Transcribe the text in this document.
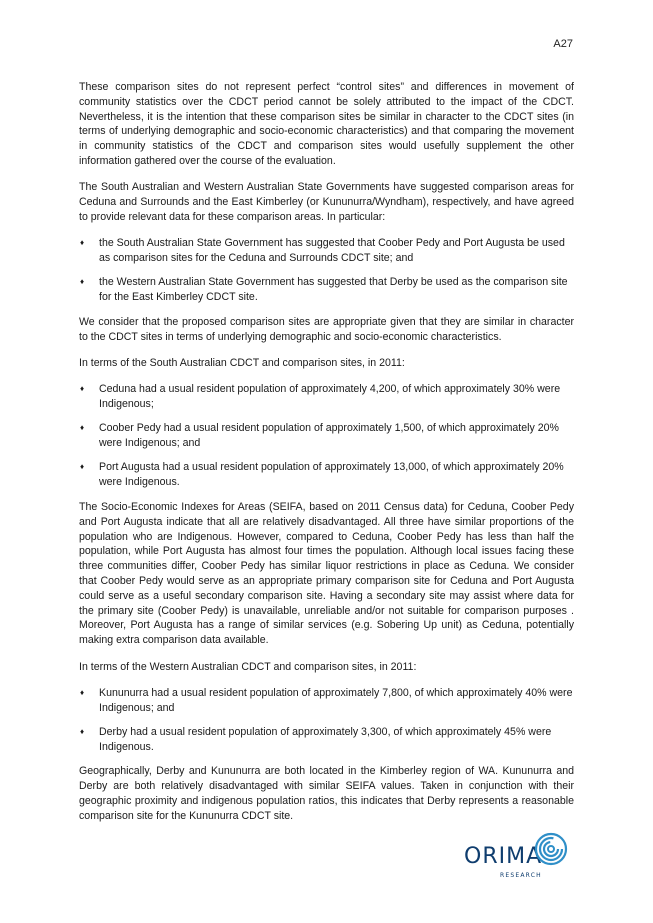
A27

These comparison sites do not represent perfect “control sites” and differences in movement of community statistics over the CDCT period cannot be solely attributed to the impact of the CDCT. Nevertheless, it is the intention that these comparison sites be similar in character to the CDCT sites (in terms of underlying demographic and socio-economic characteristics) and that comparing the movement in community statistics of the CDCT and comparison sites would usefully supplement the other information gathered over the course of the evaluation.

The South Australian and Western Australian State Governments have suggested comparison areas for Ceduna and Surrounds and the East Kimberley (or Kununurra/Wyndham), respectively, and have agreed to provide relevant data for these comparison areas. In particular:

♦ the South Australian State Government has suggested that Coober Pedy and Port Augusta be used as comparison sites for the Ceduna and Surrounds CDCT site; and
♦ the Western Australian State Government has suggested that Derby be used as the comparison site for the East Kimberley CDCT site.

We consider that the proposed comparison sites are appropriate given that they are similar in character to the CDCT sites in terms of underlying demographic and socio-economic characteristics.

In terms of the South Australian CDCT and comparison sites, in 2011:

♦ Ceduna had a usual resident population of approximately 4,200, of which approximately 30% were Indigenous;
♦ Coober Pedy had a usual resident population of approximately 1,500, of which approximately 20% were Indigenous; and
♦ Port Augusta had a usual resident population of approximately 13,000, of which approximately 20% were Indigenous.

The Socio-Economic Indexes for Areas (SEIFA, based on 2011 Census data) for Ceduna, Coober Pedy and Port Augusta indicate that all are relatively disadvantaged. All three have similar proportions of the population who are Indigenous. However, compared to Ceduna, Coober Pedy has less than half the population, while Port Augusta has almost four times the population. Although local issues facing these three communities differ, Coober Pedy has similar liquor restrictions in place as Ceduna. We consider that Coober Pedy would serve as an appropriate primary comparison site for Ceduna and Port Augusta could serve as a useful secondary comparison site. Having a secondary site may assist where data for the primary site (Coober Pedy) is unavailable, unreliable and/or not suitable for comparison purposes . Moreover, Port Augusta has a range of similar services (e.g. Sobering Up unit) as Ceduna, potentially making extra comparison data available.

In terms of the Western Australian CDCT and comparison sites, in 2011:

♦ Kununurra had a usual resident population of approximately 7,800, of which approximately 40% were Indigenous; and
♦ Derby had a usual resident population of approximately 3,300, of which approximately 45% were Indigenous.

Geographically, Derby and Kununurra are both located in the Kimberley region of WA. Kununurra and Derby are both relatively disadvantaged with similar SEIFA values. Taken in conjunction with their geographic proximity and indigenous population ratios, this indicates that Derby represents a reasonable comparison site for the Kununurra CDCT site.

ORIMA
RESEARCH
